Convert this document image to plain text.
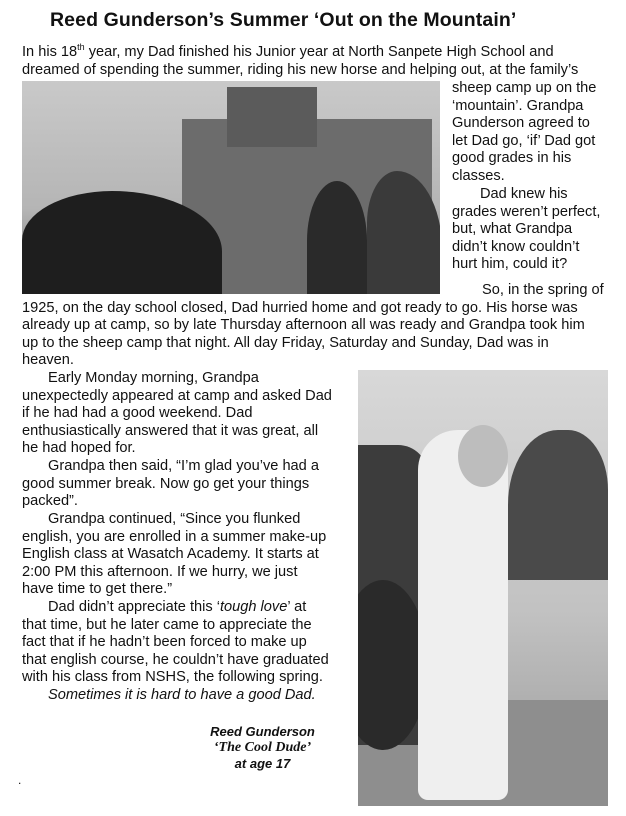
Reed Gunderson’s Summer ‘Out on the Mountain’

In his 18th year, my Dad finished his Junior year at North Sanpete High School and
dreamed of spending the summer, riding his new horse and helping out, at the family’s

sheep camp up on the
‘mountain’. Grandpa
Gunderson agreed to
let Dad go, ‘if’ Dad got
good grades in his
classes.

Dad knew his
grades weren’t perfect,
but, what Grandpa
didn’t know couldn’t
hurt him, could it?

So, in the spring of
1925, on the day school closed, Dad hurried home and got ready to go. His horse was
already up at camp, so by late Thursday afternoon all was ready and Grandpa took him
up to the sheep camp that night. All day Friday, Saturday and Sunday, Dad was in
heaven.

Early Monday morning, Grandpa
unexpectedly appeared at camp and asked Dad
if he had had a good weekend. Dad
enthusiastically answered that it was great, all
he had hoped for.

Grandpa then said, “I’m glad you’ve had a
good summer break. Now go get your things
packed”.

Grandpa continued, “Since you flunked
english, you are enrolled in a summer make-up
English class at Wasatch Academy. It starts at
2:00 PM this afternoon. If we hurry, we just
have time to get there.”

Dad didn’t appreciate this ‘tough love’ at
that time, but he later came to appreciate the
fact that if he hadn’t been forced to make up
that english course, he couldn’t have graduated
with his class from NSHS, the following spring.
Sometimes it is hard to have a good Dad.

Reed Gunderson
‘The Cool Dude’
at age 17
.
